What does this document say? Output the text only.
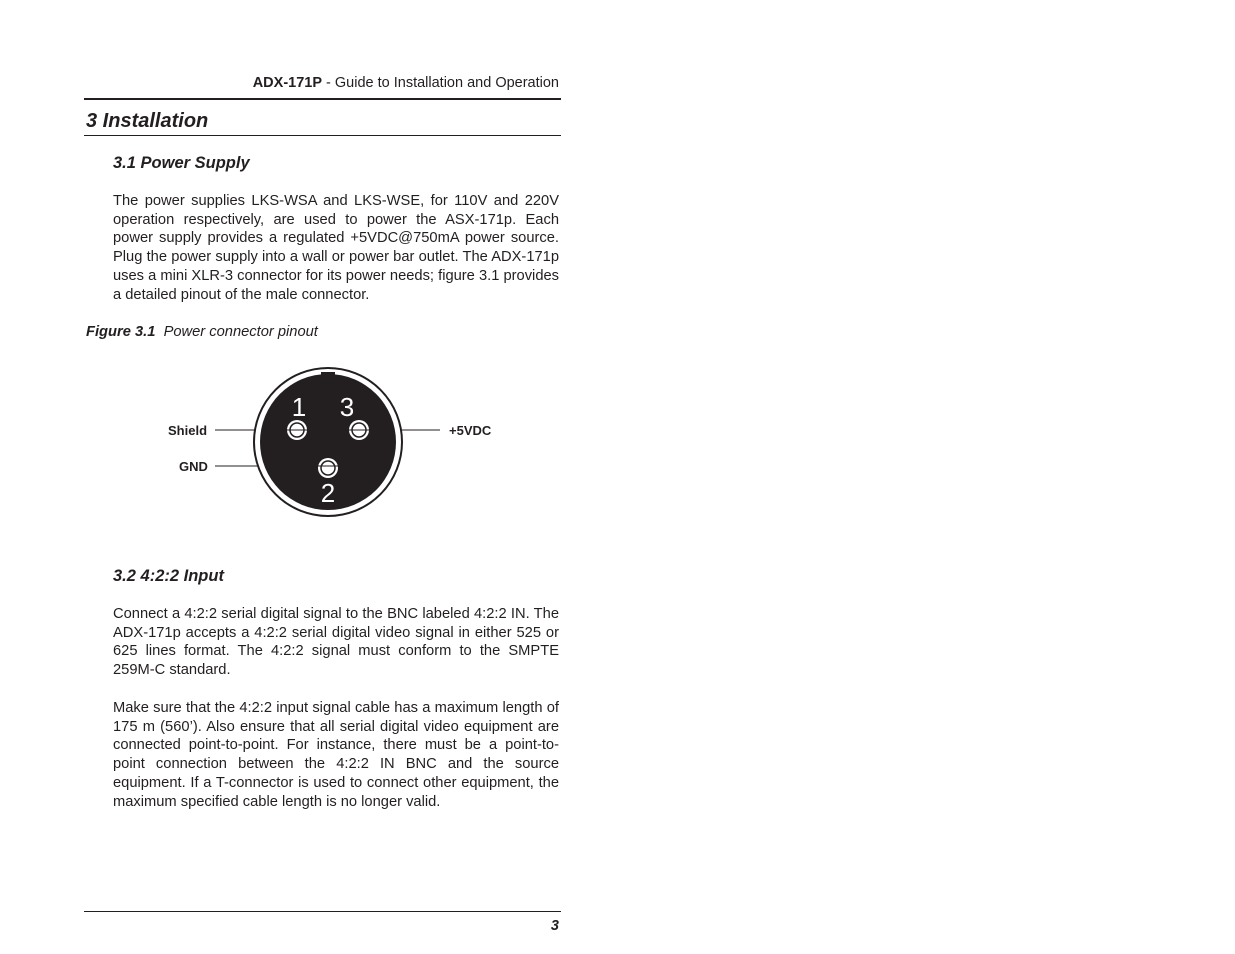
ADX-171P - Guide to Installation and Operation
3 Installation
3.1 Power Supply

The power supplies LKS-WSA and LKS-WSE, for 110V and 220V operation respectively, are used to power the ASX-171p. Each power supply provides a regulated +5VDC@750mA power source. Plug the power supply into a wall or power bar outlet. The ADX-171p uses a mini XLR-3 connector for its power needs; figure 3.1 provides a detailed pinout of the male connector.

Figure 3.1 Power connector pinout
1 3
2
Shield
GND
+5VDC
3.2 4:2:2 Input

Connect a 4:2:2 serial digital signal to the BNC labeled 4:2:2 IN. The ADX-171p accepts a 4:2:2 serial digital video signal in either 525 or 625 lines format. The 4:2:2 signal must conform to the SMPTE 259M-C standard.

Make sure that the 4:2:2 input signal cable has a maximum length of 175 m (560’). Also ensure that all serial digital video equipment are connected point-to-point. For instance, there must be a point-to-point connection between the 4:2:2 IN BNC and the source equipment. If a T-connector is used to connect other equipment, the maximum specified cable length is no longer valid.

3
